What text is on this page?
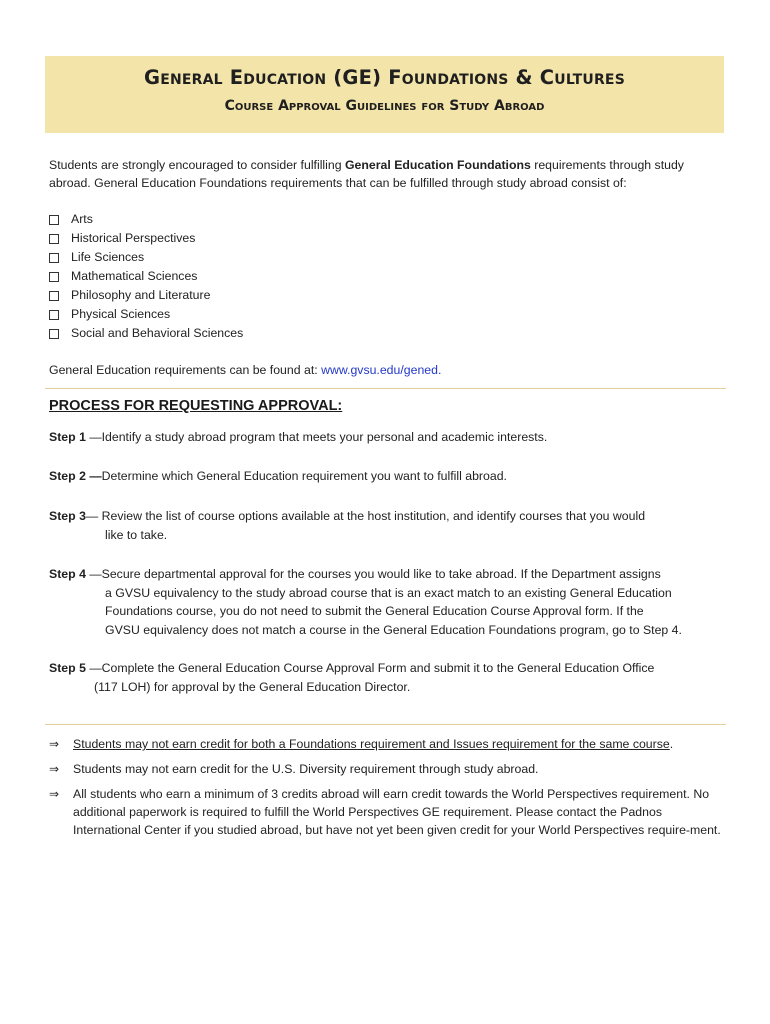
General Education (GE) Foundations & Cultures
Course Approval Guidelines for Study Abroad
Students are strongly encouraged to consider fulfilling General Education Foundations requirements through study abroad. General Education Foundations requirements that can be fulfilled through study abroad consist of:
Arts
Historical Perspectives
Life Sciences
Mathematical Sciences
Philosophy and Literature
Physical Sciences
Social and Behavioral Sciences
General Education requirements can be found at: www.gvsu.edu/gened.
PROCESS FOR REQUESTING APPROVAL:
Step 1 —Identify a study abroad program that meets your personal and academic interests.
Step 2 —Determine which General Education requirement you want to fulfill abroad.
Step 3— Review the list of course options available at the host institution, and identify courses that you would
like to take.
Step 4 —Secure departmental approval for the courses you would like to take abroad. If the Department assigns
a GVSU equivalency to the study abroad course that is an exact match to an existing General Education
Foundations course, you do not need to submit the General Education Course Approval form. If the
GVSU equivalency does not match a course in the General Education Foundations program, go to Step 4.
Step 5 —Complete the General Education Course Approval Form and submit it to the General Education Office
(117 LOH) for approval by the General Education Director.
⇒ Students may not earn credit for both a Foundations requirement and Issues requirement for the same course.
⇒ Students may not earn credit for the U.S. Diversity requirement through study abroad.
⇒ All students who earn a minimum of 3 credits abroad will earn credit towards the World Perspectives requirement. No additional paperwork is required to fulfill the World Perspectives GE requirement. Please contact the Padnos International Center if you studied abroad, but have not yet been given credit for your World Perspectives require-ment.
